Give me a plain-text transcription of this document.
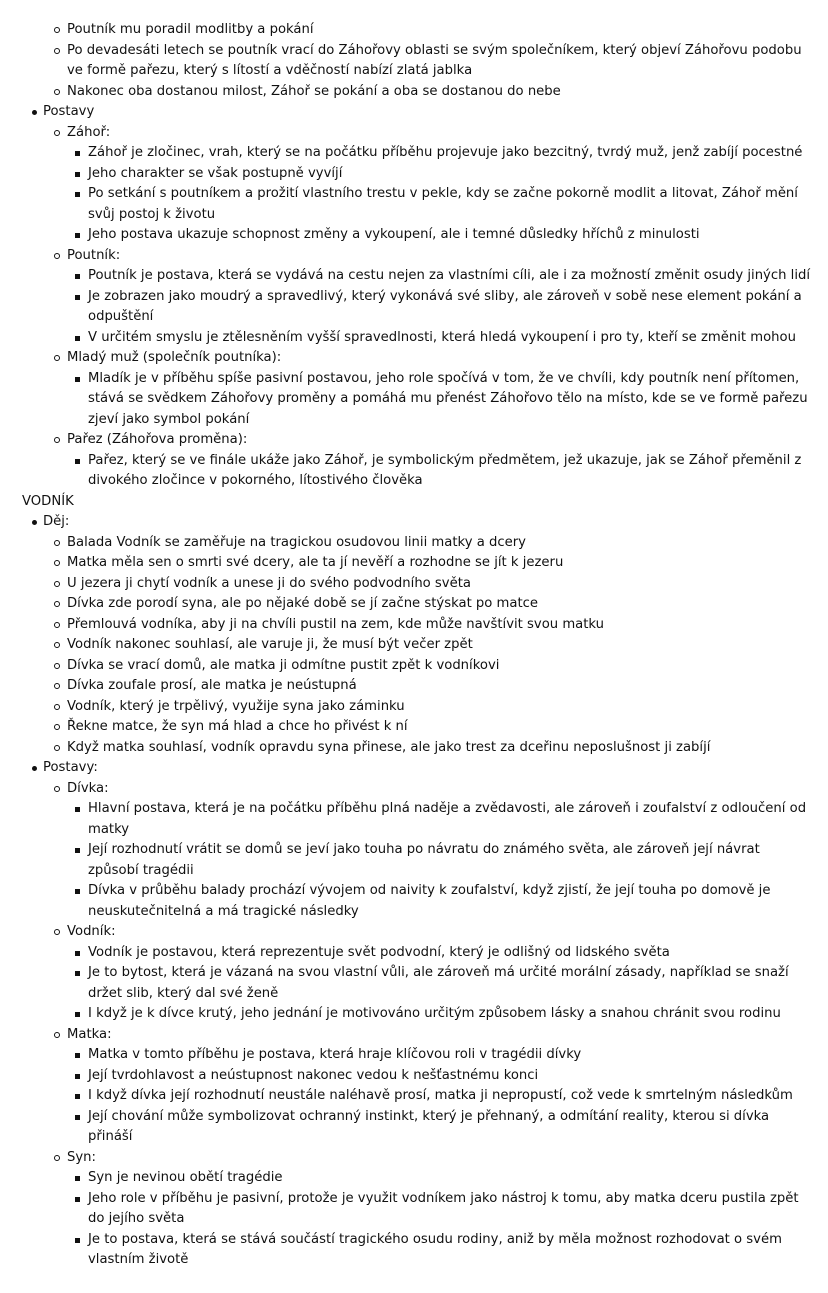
Poutník mu poradil modlitby a pokání
Po devadesáti letech se poutník vrací do Záhořovy oblasti se svým společníkem, který objeví Záhořovu podobu ve formě pařezu, který s lítostí a vděčností nabízí zlatá jablka
Nakonec oba dostanou milost, Záhoř se pokání a oba se dostanou do nebe
Postavy
Záhoř:
Záhoř je zločinec, vrah, který se na počátku příběhu projevuje jako bezcitný, tvrdý muž, jenž zabíjí pocestné
Jeho charakter se však postupně vyvíjí
Po setkání s poutníkem a prožití vlastního trestu v pekle, kdy se začne pokorně modlit a litovat, Záhoř mění svůj postoj k životu
Jeho postava ukazuje schopnost změny a vykoupení, ale i temné důsledky hříchů z minulosti
Poutník:
Poutník je postava, která se vydává na cestu nejen za vlastními cíli, ale i za možností změnit osudy jiných lidí
Je zobrazen jako moudrý a spravedlivý, který vykonává své sliby, ale zároveň v sobě nese element pokání a odpuštění
V určitém smyslu je ztělesněním vyšší spravedlnosti, která hledá vykoupení i pro ty, kteří se změnit mohou
Mladý muž (společník poutníka):
Mladík je v příběhu spíše pasivní postavou, jeho role spočívá v tom, že ve chvíli, kdy poutník není přítomen, stává se svědkem Záhořovy proměny a pomáhá mu přenést Záhořovo tělo na místo, kde se ve formě pařezu zjeví jako symbol pokání
Pařez (Záhořova proměna):
Pařez, který se ve finále ukáže jako Záhoř, je symbolickým předmětem, jež ukazuje, jak se Záhoř přeměnil z divokého zločince v pokorného, lítostivého člověka
VODNÍK
Děj:
Balada Vodník se zaměřuje na tragickou osudovou linii matky a dcery
Matka měla sen o smrti své dcery, ale ta jí nevěří a rozhodne se jít k jezeru
U jezera ji chytí vodník a unese ji do svého podvodního světa
Dívka zde porodí syna, ale po nějaké době se jí začne stýskat po matce
Přemlouvá vodníka, aby ji na chvíli pustil na zem, kde může navštívit svou matku
Vodník nakonec souhlasí, ale varuje ji, že musí být večer zpět
Dívka se vrací domů, ale matka ji odmítne pustit zpět k vodníkovi
Dívka zoufale prosí, ale matka je neústupná
Vodník, který je trpělivý, využije syna jako záminku
Řekne matce, že syn má hlad a chce ho přivést k ní
Když matka souhlasí, vodník opravdu syna přinese, ale jako trest za dceřinu neposlušnost ji zabíjí
Postavy:
Dívka:
Hlavní postava, která je na počátku příběhu plná naděje a zvědavosti, ale zároveň i zoufalství z odloučení od matky
Její rozhodnutí vrátit se domů se jeví jako touha po návratu do známého světa, ale zároveň její návrat způsobí tragédii
Dívka v průběhu balady prochází vývojem od naivity k zoufalství, když zjistí, že její touha po domově je neuskutečnitelná a má tragické následky
Vodník:
Vodník je postavou, která reprezentuje svět podvodní, který je odlišný od lidského světa
Je to bytost, která je vázaná na svou vlastní vůli, ale zároveň má určité morální zásady, například se snaží držet slib, který dal své ženě
I když je k dívce krutý, jeho jednání je motivováno určitým způsobem lásky a snahou chránit svou rodinu
Matka:
Matka v tomto příběhu je postava, která hraje klíčovou roli v tragédii dívky
Její tvrdohlavost a neústupnost nakonec vedou k nešťastnému konci
I když dívka její rozhodnutí neustále naléhavě prosí, matka ji nepropustí, což vede k smrtelným následkům
Její chování může symbolizovat ochranný instinkt, který je přehnaný, a odmítání reality, kterou si dívka přináší
Syn:
Syn je nevinou obětí tragédie
Jeho role v příběhu je pasivní, protože je využit vodníkem jako nástroj k tomu, aby matka dceru pustila zpět do jejího světa
Je to postava, která se stává součástí tragického osudu rodiny, aniž by měla možnost rozhodovat o svém vlastním životě
